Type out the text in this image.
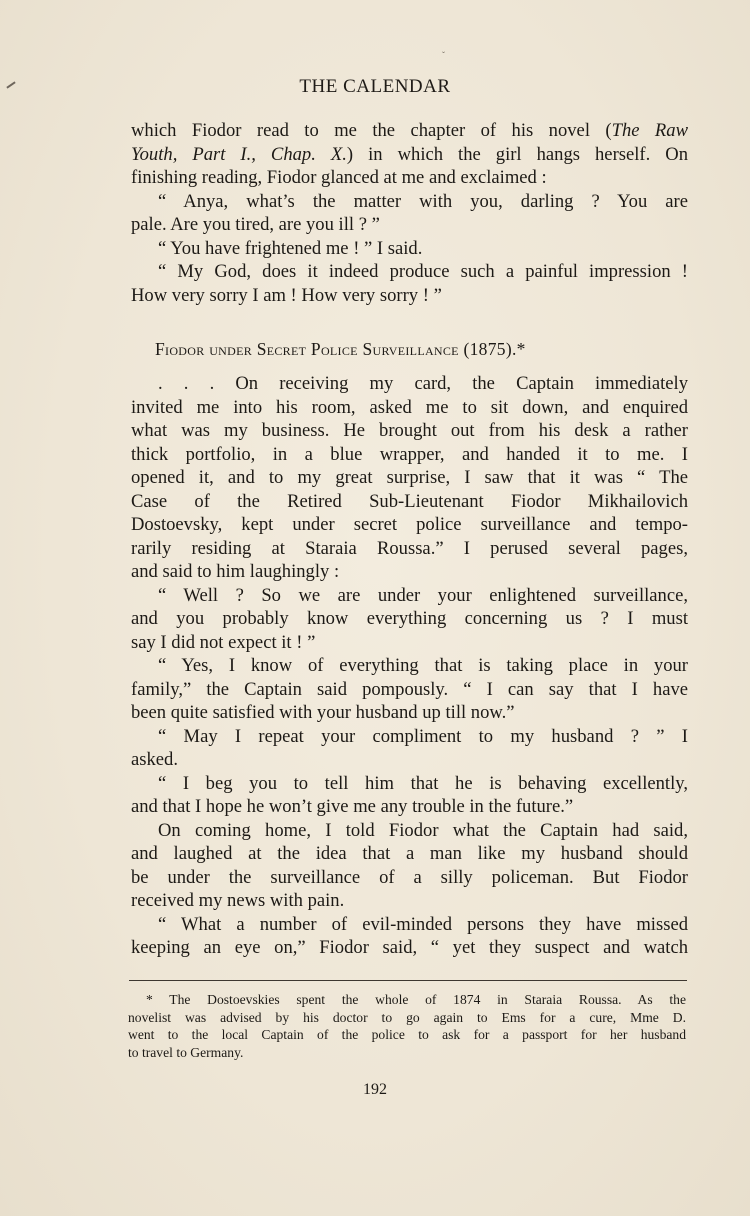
ˇ
THE CALENDAR
which Fiodor read to me the chapter of his novel (The Raw
Youth, Part I., Chap. X.) in which the girl hangs herself. On
finishing reading, Fiodor glanced at me and exclaimed :
“ Anya, what’s the matter with you, darling ? You are
pale. Are you tired, are you ill ? ”
“ You have frightened me ! ” I said.
“ My God, does it indeed produce such a painful impression !
How very sorry I am ! How very sorry ! ”
Fiodor under Secret Police Surveillance (1875).*
. . . On receiving my card, the Captain immediately
invited me into his room, asked me to sit down, and enquired
what was my business. He brought out from his desk a rather
thick portfolio, in a blue wrapper, and handed it to me. I
opened it, and to my great surprise, I saw that it was “ The
Case of the Retired Sub-Lieutenant Fiodor Mikhailovich
Dostoevsky, kept under secret police surveillance and tempo-
rarily residing at Staraia Roussa.” I perused several pages,
and said to him laughingly :
“ Well ? So we are under your enlightened surveillance,
and you probably know everything concerning us ? I must
say I did not expect it ! ”
“ Yes, I know of everything that is taking place in your
family,” the Captain said pompously. “ I can say that I have
been quite satisfied with your husband up till now.”
“ May I repeat your compliment to my husband ? ” I
asked.
“ I beg you to tell him that he is behaving excellently,
and that I hope he won’t give me any trouble in the future.”
On coming home, I told Fiodor what the Captain had said,
and laughed at the idea that a man like my husband should
be under the surveillance of a silly policeman. But Fiodor
received my news with pain.
“ What a number of evil-minded persons they have missed
keeping an eye on,” Fiodor said, “ yet they suspect and watch
* The Dostoevskies spent the whole of 1874 in Staraia Roussa. As the
novelist was advised by his doctor to go again to Ems for a cure, Mme D.
went to the local Captain of the police to ask for a passport for her husband
to travel to Germany.
192
